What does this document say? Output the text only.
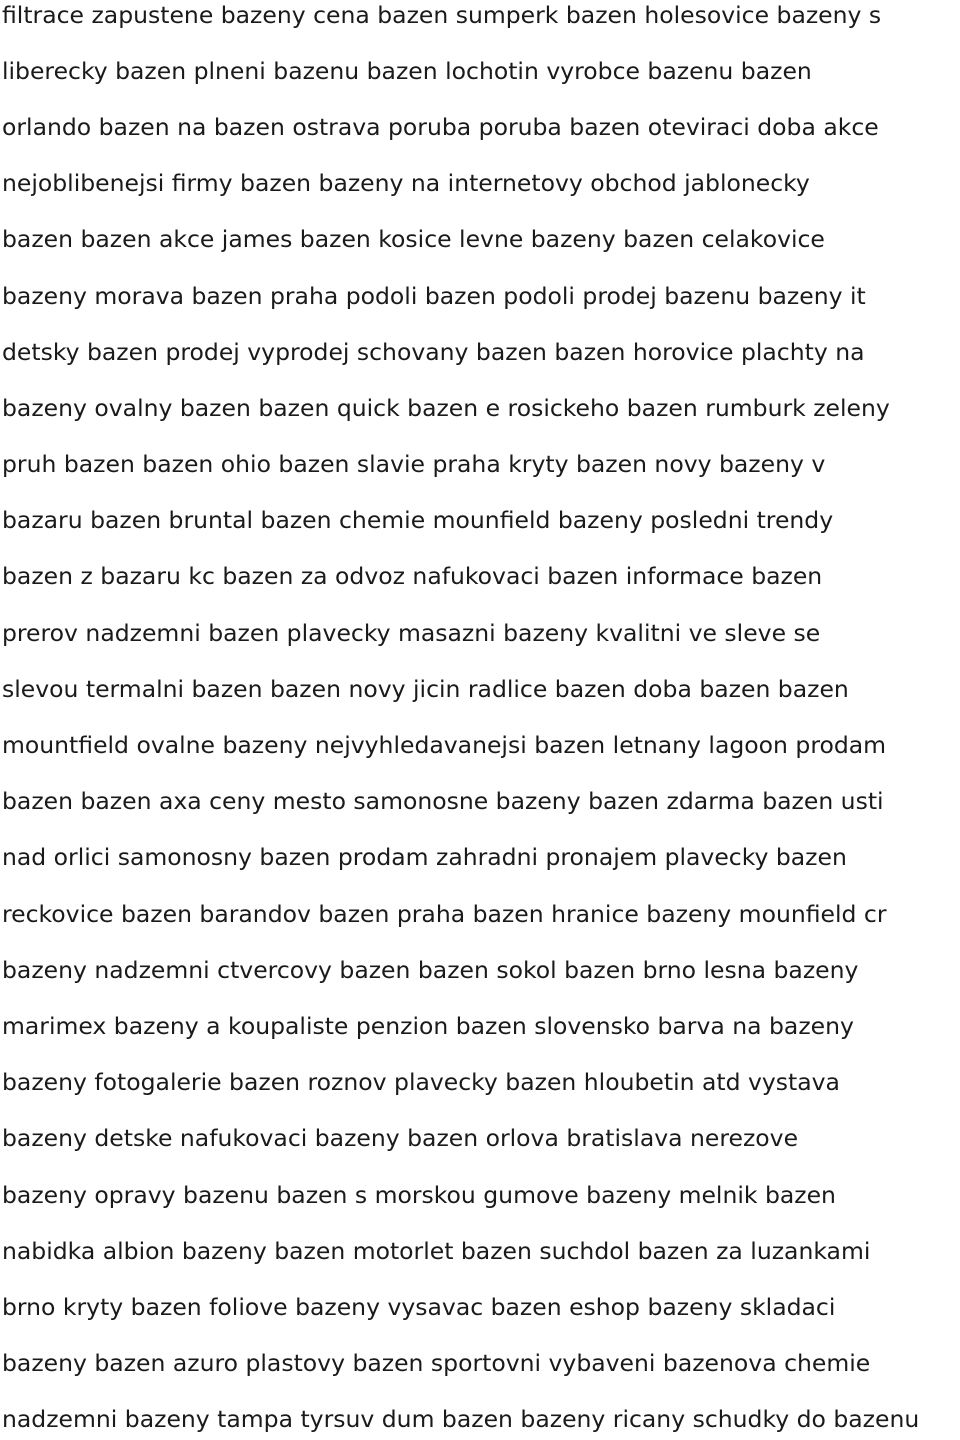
filtrace zapustene bazeny cena bazen sumperk bazen holesovice bazeny s
liberecky bazen plneni bazenu bazen lochotin vyrobce bazenu bazen
orlando bazen na bazen ostrava poruba poruba bazen oteviraci doba akce
nejoblibenejsi firmy bazen bazeny na internetovy obchod jablonecky
bazen bazen akce james bazen kosice levne bazeny bazen celakovice
bazeny morava bazen praha podoli bazen podoli prodej bazenu bazeny it
detsky bazen prodej vyprodej schovany bazen bazen horovice plachty na
bazeny ovalny bazen bazen quick bazen e rosickeho bazen rumburk zeleny
pruh bazen bazen ohio bazen slavie praha kryty bazen novy bazeny v
bazaru bazen bruntal bazen chemie mounfield bazeny posledni trendy
bazen z bazaru kc bazen za odvoz nafukovaci bazen informace bazen
prerov nadzemni bazen plavecky masazni bazeny kvalitni ve sleve se
slevou termalni bazen bazen novy jicin radlice bazen doba bazen bazen
mountfield ovalne bazeny nejvyhledavanejsi bazen letnany lagoon prodam
bazen bazen axa ceny mesto samonosne bazeny bazen zdarma bazen usti
nad orlici samonosny bazen prodam zahradni pronajem plavecky bazen
reckovice bazen barandov bazen praha bazen hranice bazeny mounfield cr
bazeny nadzemni ctvercovy bazen bazen sokol bazen brno lesna bazeny
marimex bazeny a koupaliste penzion bazen slovensko barva na bazeny
bazeny fotogalerie bazen roznov plavecky bazen hloubetin atd vystava
bazeny detske nafukovaci bazeny bazen orlova bratislava nerezove
bazeny opravy bazenu bazen s morskou gumove bazeny melnik bazen
nabidka albion bazeny bazen motorlet bazen suchdol bazen za luzankami
brno kryty bazen foliove bazeny vysavac bazen eshop bazeny skladaci
bazeny bazen azuro plastovy bazen sportovni vybaveni bazenova chemie
nadzemni bazeny tampa tyrsuv dum bazen bazeny ricany schudky do bazenu
